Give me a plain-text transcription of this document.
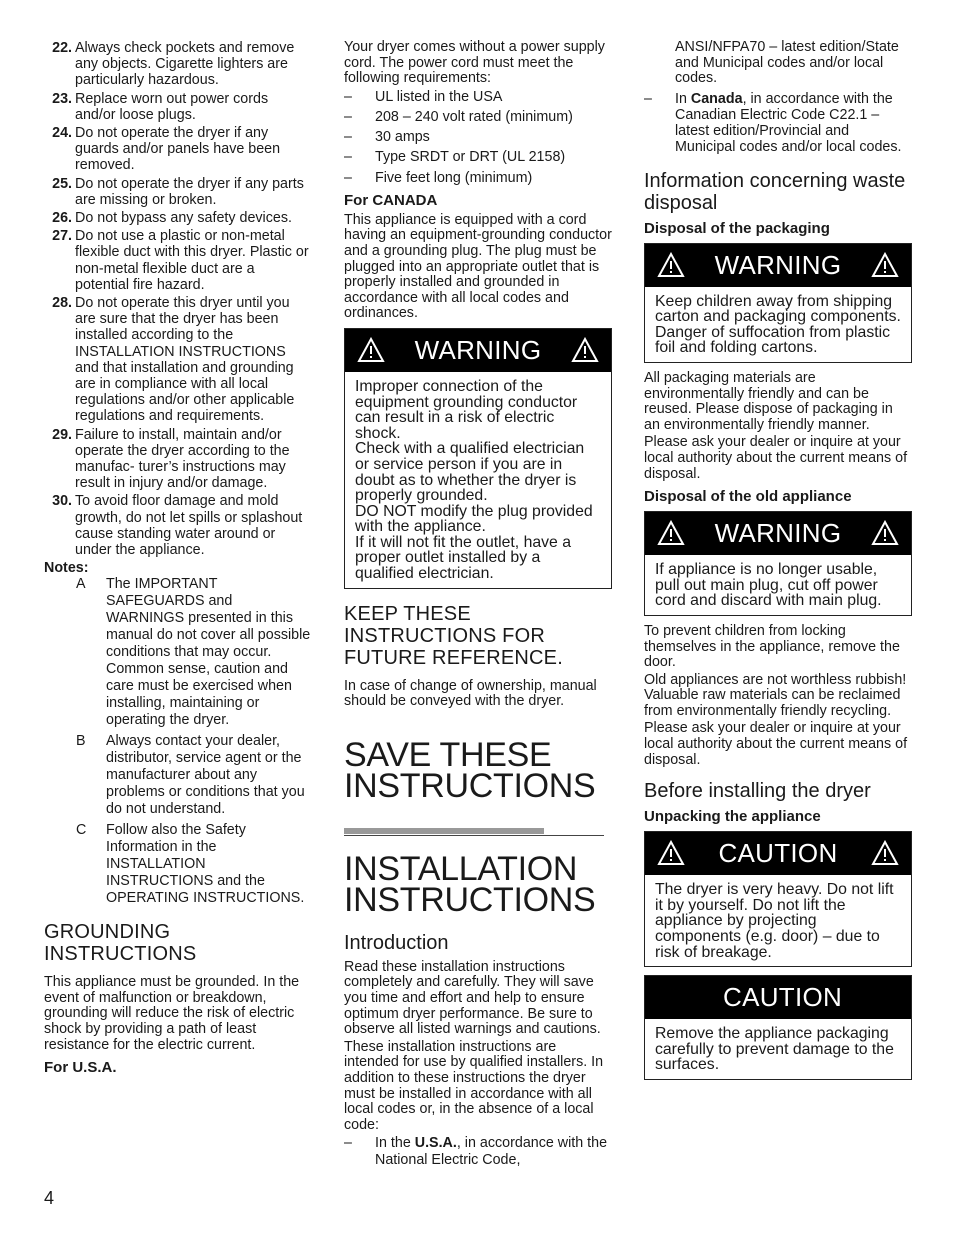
22. Always check pockets and remove any objects. Cigarette lighters are particularly hazardous.
23. Replace worn out power cords and/or loose plugs.
24. Do not operate the dryer if any guards and/or panels have been removed.
25. Do not operate the dryer if any parts are missing or broken.
26. Do not bypass any safety devices.
27. Do not use a plastic or non-metal flexible duct with this dryer. Plastic or non-metal flexible duct are a potential fire hazard.
28. Do not operate this dryer until you are sure that the dryer has been installed according to the INSTALLATION INSTRUCTIONS and that installation and grounding are in compliance with all local regulations and/or other applicable regulations and requirements.
29. Failure to install, maintain and/or operate the dryer according to the manufac- turer’s instructions may result in injury and/or damage.
30. To avoid floor damage and mold growth, do not let spills or splashout cause standing water around or under the appliance.
Notes:
A The IMPORTANT SAFEGUARDS and WARNINGS presented in this manual do not cover all possible conditions that may occur.

Common sense, caution and care must be exercised when installing, maintaining or operating the dryer.

B Always contact your dealer, distributor, service agent or the manufacturer about any problems or conditions that you do not understand.

C Follow also the Safety Information in the INSTALLATION INSTRUCTIONS and the OPERATING INSTRUCTIONS.

GROUNDING INSTRUCTIONS

This appliance must be grounded. In the event of malfunction or breakdown, grounding will reduce the risk of electric shock by providing a path of least resistance for the electric current.

For U.S.A.

Your dryer comes without a power supply cord. The power cord must meet the following requirements:

– UL listed in the USA
– 208 – 240 volt rated (minimum)
– 30 amps
– Type SRDT or DRT (UL 2158)
– Five feet long (minimum)
For CANADA

This appliance is equipped with a cord having an equipment-grounding conductor and a grounding plug. The plug must be plugged into an appropriate outlet that is properly installed and grounded in accordance with all local codes and ordinances.

WARNING

Improper connection of the equipment grounding conductor can result in a risk of electric shock.

Check with a qualified electrician or service person if you are in doubt as to whether the dryer is properly grounded.

DO NOT modify the plug provided with the appliance.

If it will not fit the outlet, have a proper outlet installed by a qualified electrician.

KEEP THESE INSTRUCTIONS FOR FUTURE REFERENCE.

In case of change of ownership, manual should be conveyed with the dryer.

SAVE THESE INSTRUCTIONS
INSTALLATION INSTRUCTIONS
Introduction

Read these installation instructions completely and carefully. They will save you time and effort and help to ensure optimum dryer performance. Be sure to observe all listed warnings and cautions.

These installation instructions are intended for use by qualified installers. In addition to these instructions the dryer must be installed in accordance with all local codes or, in the absence of a local code:

– In the U.S.A., in accordance with the National Electric Code,

ANSI/NFPA70 – latest edition/State and Municipal codes and/or local codes.

– In Canada, in accordance with the Canadian Electric Code C22.1 – latest edition/Provincial and Municipal codes and/or local codes.
Information concerning waste disposal
Disposal of the packaging
WARNING

Keep children away from shipping carton and packaging components. Danger of suffocation from plastic foil and folding cartons.

All packaging materials are environmentally friendly and can be reused. Please dispose of packaging in an environmentally friendly manner.

Please ask your dealer or inquire at your local authority about the current means of disposal.

Disposal of the old appliance
WARNING

If appliance is no longer usable, pull out main plug, cut off power cord and discard with main plug.

To prevent children from locking themselves in the appliance, remove the door.

Old appliances are not worthless rubbish! Valuable raw materials can be reclaimed from environmentally friendly recycling.

Please ask your dealer or inquire at your local authority about the current means of disposal.

Before installing the dryer
Unpacking the appliance
CAUTION

The dryer is very heavy. Do not lift it by yourself. Do not lift the appliance by projecting components (e.g. door) – due to risk of breakage.

CAUTION

Remove the appliance packaging carefully to prevent damage to the surfaces.

4
